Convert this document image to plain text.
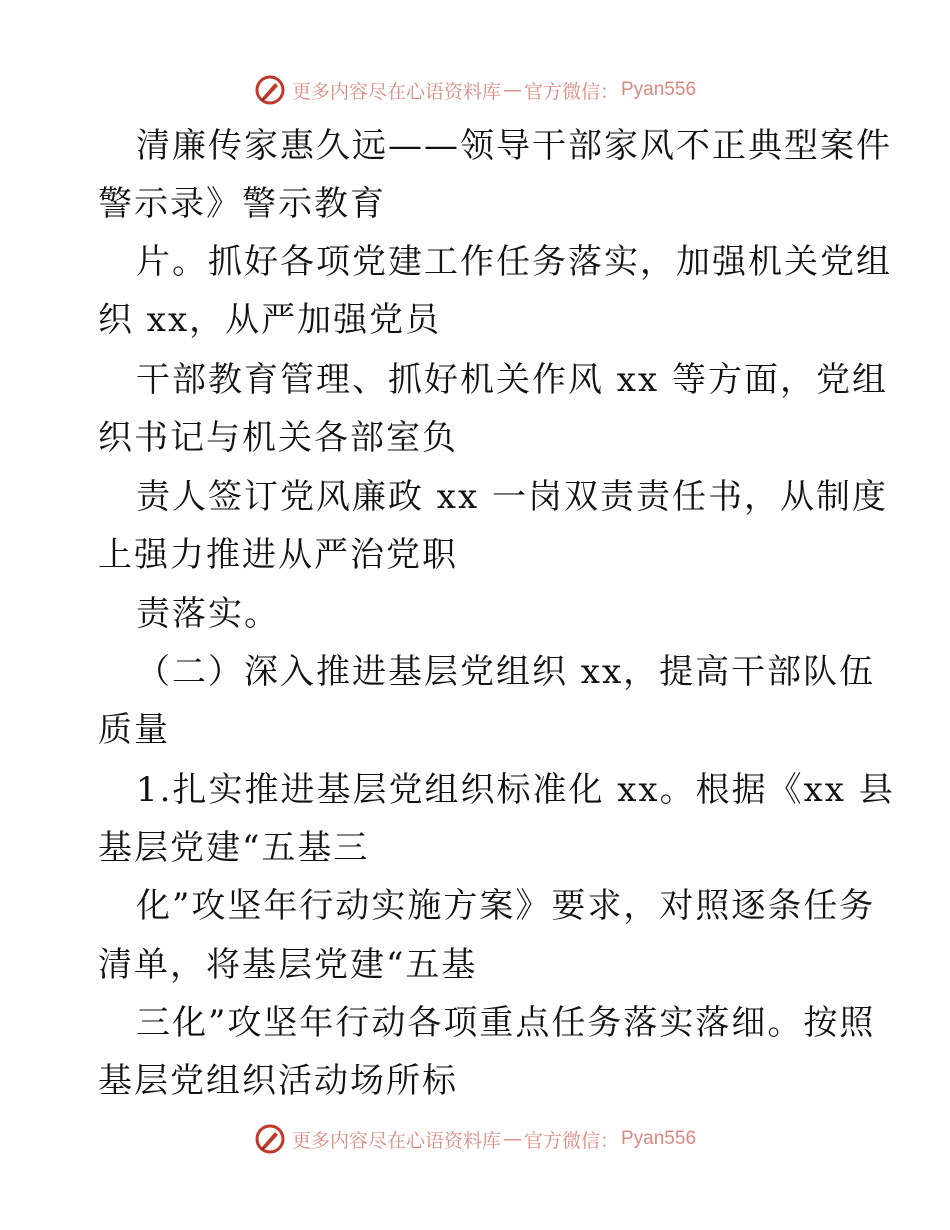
更多内容尽在心语资料库 — 官方微信： Pyan556
清廉传家惠久远——领导干部家风不正典型案件
警示录》警示教育
片。抓好各项党建工作任务落实，加强机关党组
织 xx，从严加强党员
干部教育管理、抓好机关作风 xx 等方面，党组
织书记与机关各部室负
责人签订党风廉政 xx 一岗双责责任书，从制度
上强力推进从严治党职
责落实。
（二）深入推进基层党组织 xx，提高干部队伍
质量
1.扎实推进基层党组织标准化 xx。根据《xx 县
基层党建“五基三
化”攻坚年行动实施方案》要求，对照逐条任务
清单，将基层党建“五基
三化”攻坚年行动各项重点任务落实落细。按照
基层党组织活动场所标
更多内容尽在心语资料库 — 官方微信： Pyan556
